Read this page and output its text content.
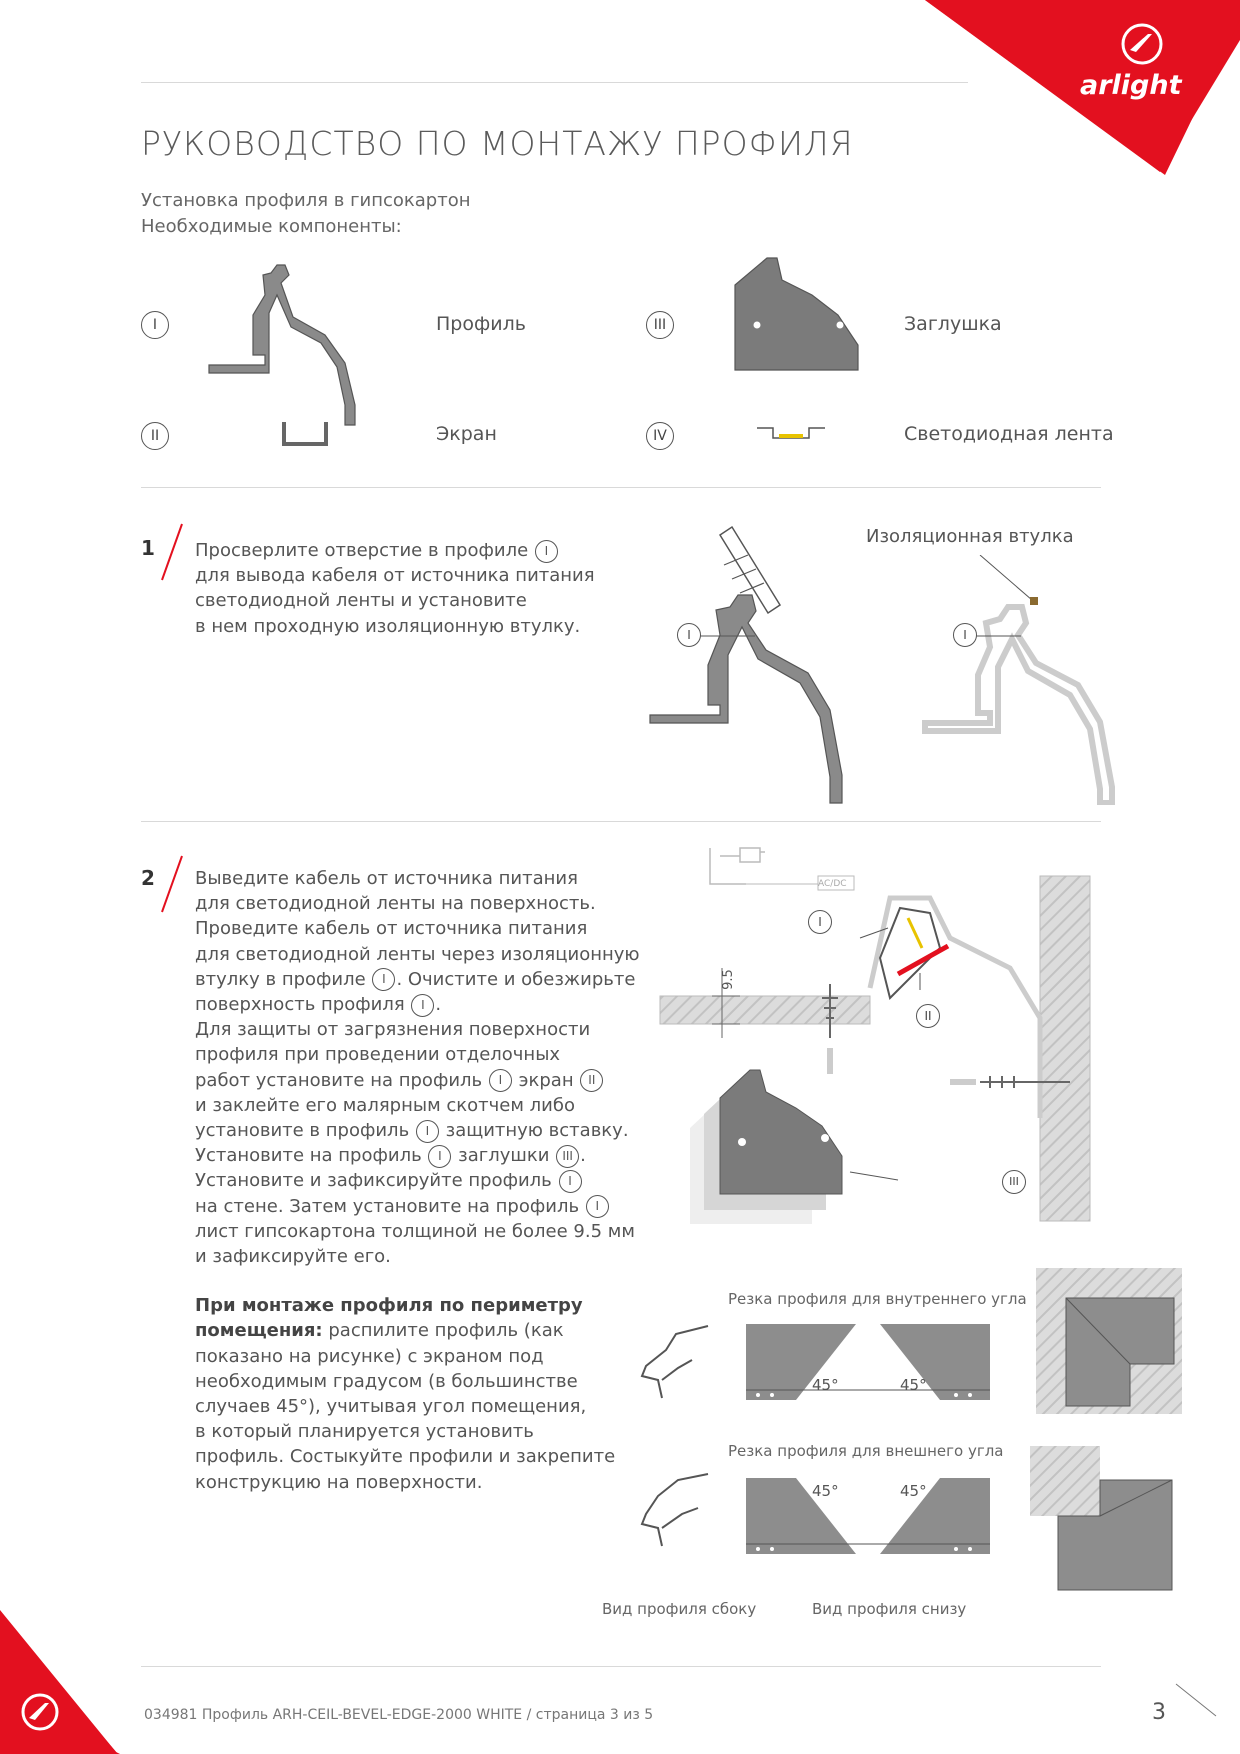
arlight
РУКОВОДСТВО ПО МОНТАЖУ ПРОФИЛЯ
Установка профиля в гипсокартон
Необходимые компоненты:
I
II
III
IV
Профиль
Экран
Заглушка
Светодиодная лента
1 Просверлите отверстие в профиле I

для вывода кабеля от источника питания

светодиодной ленты и установите

в нем проходную изоляционную втулку.	I
Изоляционная втулка
I
2 Выведите кабель от источника питания

для светодиодной ленты на поверхность.

Проведите кабель от источника питания

для светодиодной ленты через изоляционную

втулку в профиле I . Очистите и обезжирьте

поверхность профиля I .

Для защиты от загрязнения поверхности

профиля при проведении отделочных

работ установите на профиль I экран II

и заклейте его малярным скотчем либо

установите в профиль I защитную вставку.

Установите на профиль I заглушки III .

Установите и зафиксируйте профиль I

на стене. Затем установите на профиль I

лист гипсокартона толщиной не более 9.5 мм

и зафиксируйте его.

При монтаже профиля по периметру

помещения: распилите профиль (как

показано на рисунке) с экраном под

необходимым градусом (в большинстве

случаев 45°), учитывая угол помещения,

в который планируется установить

профиль. Состыкуйте профили и закрепите

конструкцию на поверхности.

AC/DC
9.5
I
II
III
Резка профиля для внутреннего угла
Резка профиля для внешнего угла
45°	45°
45°	45°
Вид профиля сбоку	Вид профиля снизу
034981 Профиль ARH-CEIL-BEVEL-EDGE-2000 WHITE / страница 3 из 5	3
